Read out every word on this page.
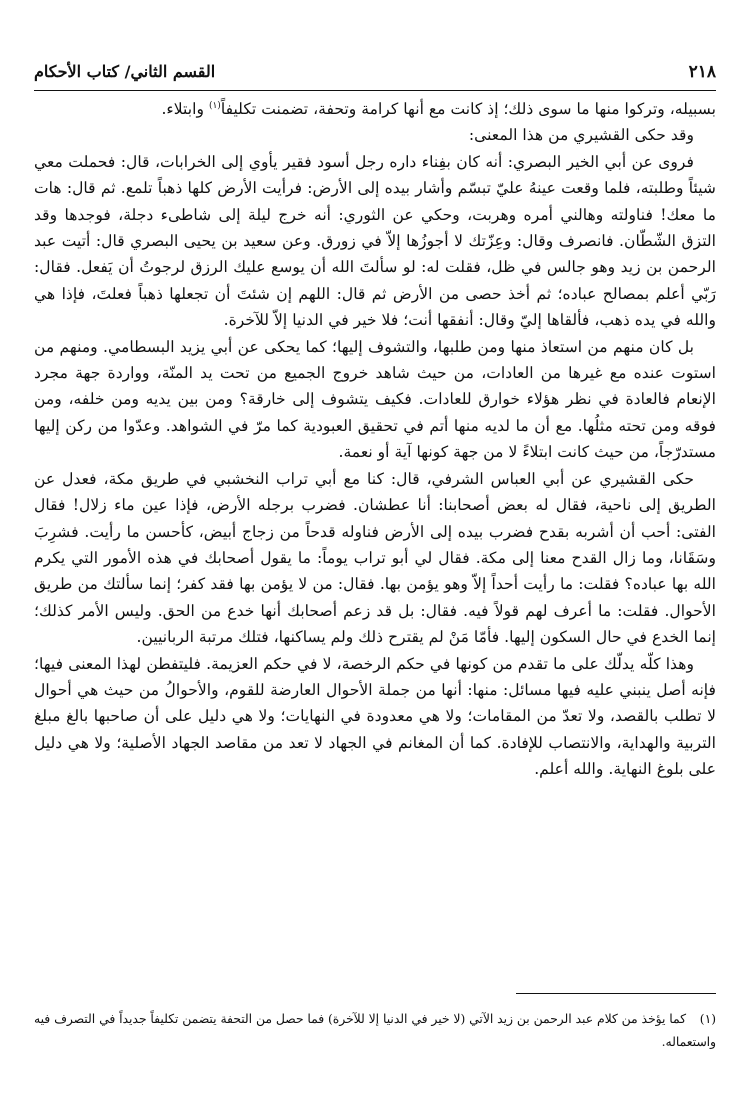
٢١٨
القسم الثاني/ كتاب الأحكام

بسبيله، وتركوا منها ما سوى ذلك؛ إذ كانت مع أنها كرامة وتحفة، تضمنت تكليفاً$^{(١)}$ وابتلاء.

وقد حكى القشيري من هذا المعنى:

فروى عن أبي الخير البصري: أنه كان بفِناء داره رجل أسود فقير يأوي إلى الخرابات، قال: فحملت معي شيئاً وطلبته، فلما وقعت عينهُ عليّ تبسّم وأشار بيده إلى الأرض: فرأيت الأرض كلها ذهباً تلمع. ثم قال: هات ما معك! فناولته وهالني أمره وهربت، وحكي عن الثوري: أنه خرج ليلة إلى شاطىء دجلة، فوجدها وقد التزق الشّطّان. فانصرف وقال: وعِزّتك لا أجوزُها إلاّ في زورق. وعن سعيد بن يحيى البصري قال: أتيت عبد الرحمن بن زيد وهو جالس في ظل، فقلت له: لو سألتَ الله أن يوسع عليك الرزق لرجوتُ أن يَفعل. فقال: رَبّي أعلم بمصالح عباده؛ ثم أخذ حصى من الأرض ثم قال: اللهم إن شئتَ أن تجعلها ذهباً فعلتَ، فإذا هي والله في يده ذهب، فألقاها إليّ وقال: أنفقها أنت؛ فلا خير في الدنيا إلاّ للآخرة.

بل كان منهم من استعاذ منها ومن طلبها، والتشوف إليها؛ كما يحكى عن أبي يزيد البسطامي. ومنهم من استوت عنده مع غيرها من العادات، من حيث شاهد خروج الجميع من تحت يد المنّة، وواردة جهة مجرد الإنعام فالعادة في نظر هؤلاء خوارق للعادات. فكيف يتشوف إلى خارقة؟ ومن بين يديه ومن خلفه، ومن فوقه ومن تحته مثلُها. مع أن ما لديه منها أتم في تحقيق العبودية كما مرّ في الشواهد. وعدّوا من ركن إليها مستدرّجاً، من حيث كانت ابتلاءً لا من جهة كونها آية أو نعمة.

حكى القشيري عن أبي العباس الشرفي، قال: كنا مع أبي تراب النخشبي في طريق مكة، فعدل عن الطريق إلى ناحية، فقال له بعض أصحابنا: أنا عطشان. فضرب برجله الأرض، فإذا عين ماء زلال! فقال الفتى: أحب أن أشربه بقدح فضرب بيده إلى الأرض فناوله قدحاً من زجاج أبيض، كأحسن ما رأيت. فشرِبَ وسَقَانا، وما زال القدح معنا إلى مكة. فقال لي أبو تراب يوماً: ما يقول أصحابك في هذه الأمور التي يكرم الله بها عباده؟ فقلت: ما رأيت أحداً إلاّ وهو يؤمن بها. فقال: من لا يؤمن بها فقد كفر؛ إنما سألتك من طريق الأحوال. فقلت: ما أعرف لهم قولاً فيه. فقال: بل قد زعم أصحابك أنها خدع من الحق. وليس الأمر كذلك؛ إنما الخدع في حال السكون إليها. فأمّا مَنْ لم يقترح ذلك ولم يساكنها، فتلك مرتبة الربانيين.

وهذا كلّه يدلّك على ما تقدم من كونها في حكم الرخصة، لا في حكم العزيمة. فليتفطن لهذا المعنى فيها؛ فإنه أصل ينبني عليه فيها مسائل: منها: أنها من جملة الأحوال العارضة للقوم، والأحوالُ من حيث هي أحوال لا تطلب بالقصد، ولا تعدّ من المقامات؛ ولا هي معدودة في النهايات؛ ولا هي دليل على أن صاحبها بالغ مبلغ التربية والهداية، والانتصاب للإفادة. كما أن المغانم في الجهاد لا تعد من مقاصد الجهاد الأصلية؛ ولا هي دليل على بلوغ النهاية. والله أعلم.

(١)كما يؤخذ من كلام عبد الرحمن بن زيد الآتي (لا خير في الدنيا إلا للآخرة) فما حصل من التحفة يتضمن تكليفاً جديداً في التصرف فيه واستعماله.
